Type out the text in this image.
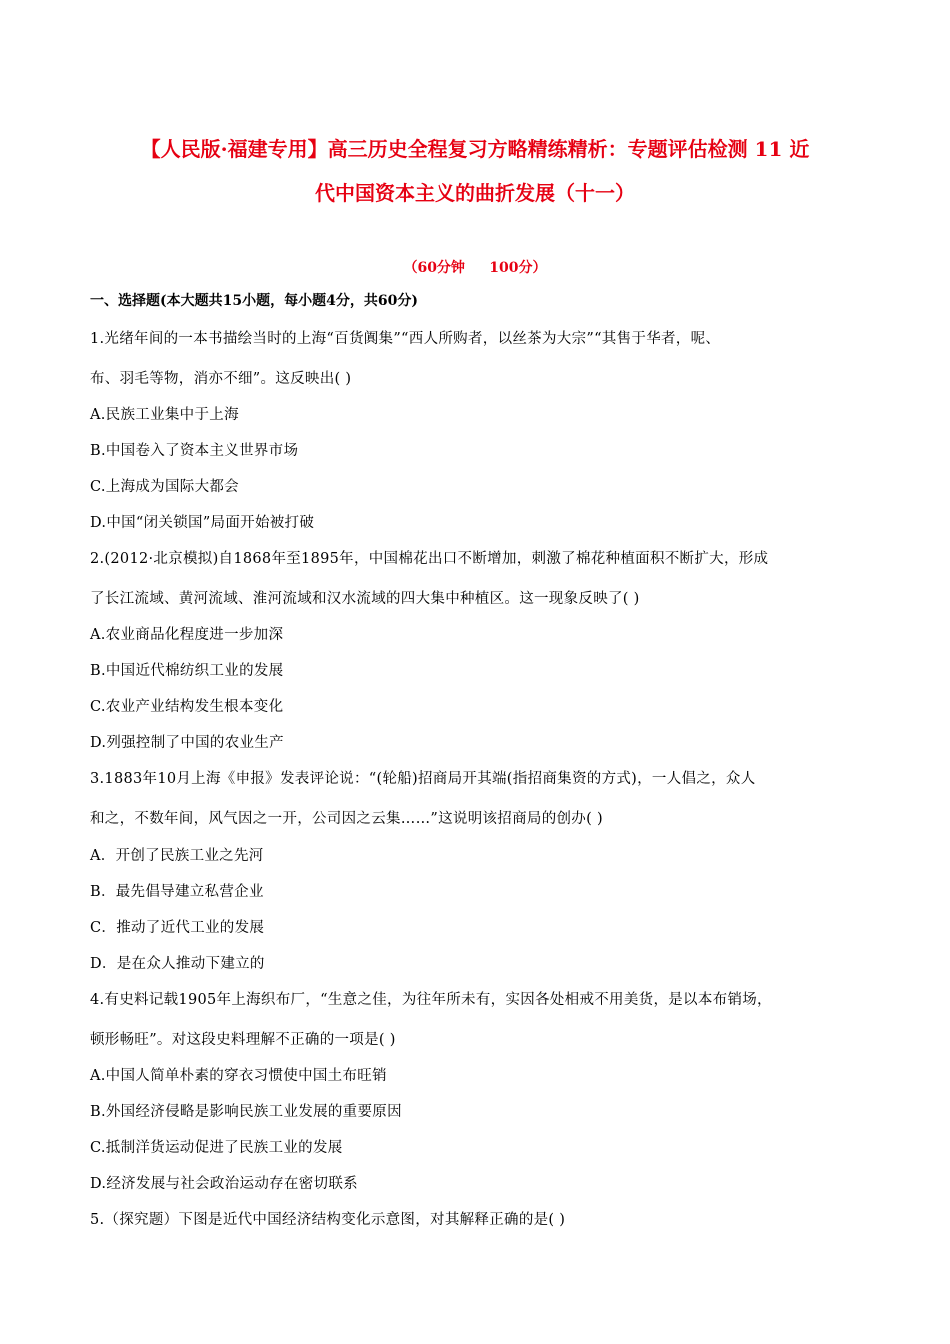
【人民版·福建专用】高三历史全程复习方略精练精析：专题评估检测 11 近
代中国资本主义的曲折发展（十一）
（60分钟     100分）
一、选择题(本大题共15小题，每小题4分，共60分)
1.光绪年间的一本书描绘当时的上海“百货阗集”“西人所购者，以丝茶为大宗”“其售于华者，呢、
布、羽毛等物，消亦不细”。这反映出( )
A.民族工业集中于上海
B.中国卷入了资本主义世界市场
C.上海成为国际大都会
D.中国“闭关锁国”局面开始被打破
2.(2012·北京模拟)自1868年至1895年，中国棉花出口不断增加，刺激了棉花种植面积不断扩大，形成
了长江流域、黄河流域、淮河流域和汉水流域的四大集中种植区。这一现象反映了( )
A.农业商品化程度进一步加深
B.中国近代棉纺织工业的发展
C.农业产业结构发生根本变化
D.列强控制了中国的农业生产
3.1883年10月上海《申报》发表评论说：“(轮船)招商局开其端(指招商集资的方式)，一人倡之，众人
和之，不数年间，风气因之一开，公司因之云集……”这说明该招商局的创办( )
A．开创了民族工业之先河
B．最先倡导建立私营企业
C．推动了近代工业的发展
D．是在众人推动下建立的
4.有史料记载1905年上海织布厂，“生意之佳，为往年所未有，实因各处相戒不用美货，是以本布销场，
顿形畅旺”。对这段史料理解不正确的一项是( )
A.中国人简单朴素的穿衣习惯使中国土布旺销
B.外国经济侵略是影响民族工业发展的重要原因
C.抵制洋货运动促进了民族工业的发展
D.经济发展与社会政治运动存在密切联系
5.（探究题）下图是近代中国经济结构变化示意图，对其解释正确的是( )
